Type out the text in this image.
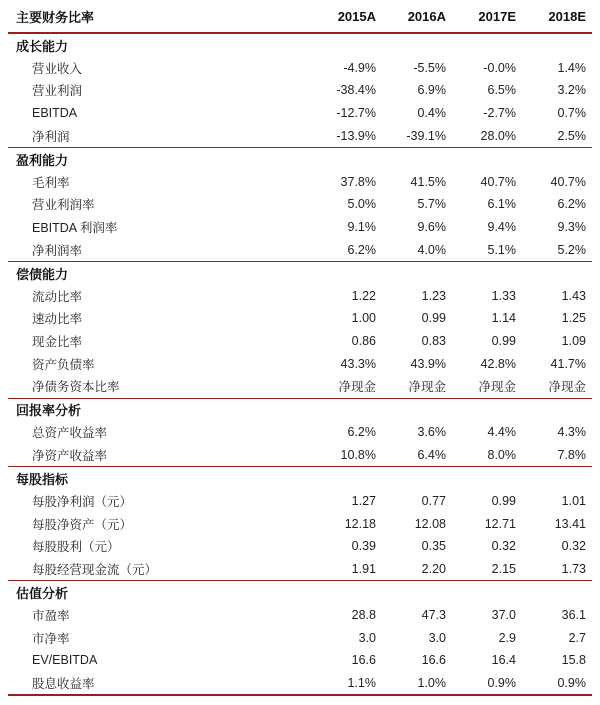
主要财务比率	2015A	2016A	2017E	2018E
成长能力				
营业收入	-4.9%	-5.5%	-0.0%	1.4%
营业利润	-38.4%	6.9%	6.5%	3.2%
EBITDA	-12.7%	0.4%	-2.7%	0.7%
净利润	-13.9%	-39.1%	28.0%	2.5%
盈利能力				
毛利率	37.8%	41.5%	40.7%	40.7%
营业利润率	5.0%	5.7%	6.1%	6.2%
EBITDA 利润率	9.1%	9.6%	9.4%	9.3%
净利润率	6.2%	4.0%	5.1%	5.2%
偿债能力				
流动比率	1.22	1.23	1.33	1.43
速动比率	1.00	0.99	1.14	1.25
现金比率	0.86	0.83	0.99	1.09
资产负债率	43.3%	43.9%	42.8%	41.7%
净债务资本比率	净现金	净现金	净现金	净现金
回报率分析				
总资产收益率	6.2%	3.6%	4.4%	4.3%
净资产收益率	10.8%	6.4%	8.0%	7.8%
每股指标				
每股净利润（元）	1.27	0.77	0.99	1.01
每股净资产（元）	12.18	12.08	12.71	13.41
每股股利（元）	0.39	0.35	0.32	0.32
每股经营现金流（元）	1.91	2.20	2.15	1.73
估值分析				
市盈率	28.8	47.3	37.0	36.1
市净率	3.0	3.0	2.9	2.7
EV/EBITDA	16.6	16.6	16.4	15.8
股息收益率	1.1%	1.0%	0.9%	0.9%
